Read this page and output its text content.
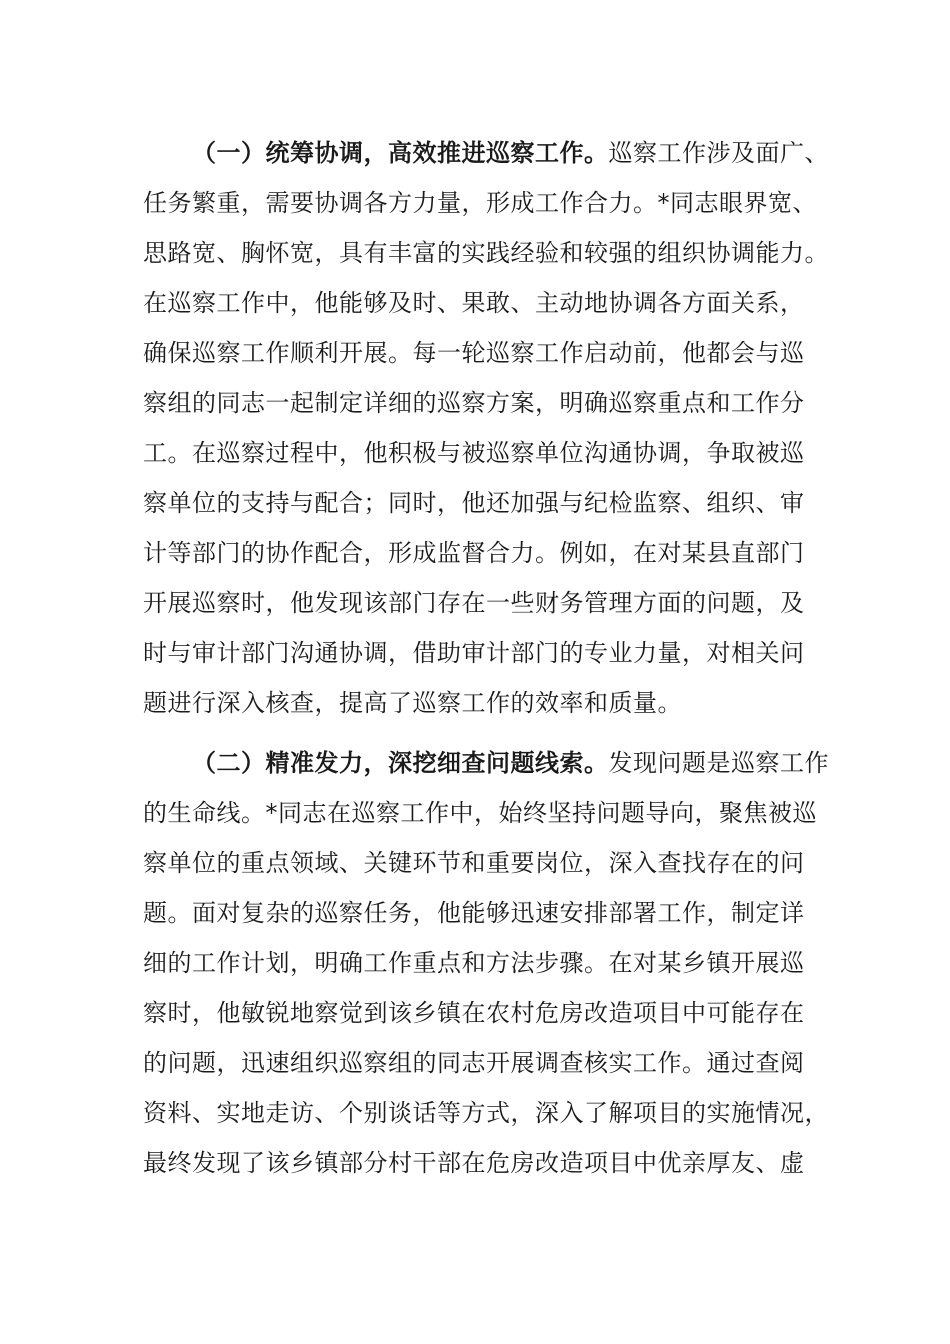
（一）统筹协调，高效推进巡察工作。巡察工作涉及面广、
任务繁重，需要协调各方力量，形成工作合力。*同志眼界宽、
思路宽、胸怀宽，具有丰富的实践经验和较强的组织协调能力。
在巡察工作中，他能够及时、果敢、主动地协调各方面关系，
确保巡察工作顺利开展。每一轮巡察工作启动前，他都会与巡
察组的同志一起制定详细的巡察方案，明确巡察重点和工作分
工。在巡察过程中，他积极与被巡察单位沟通协调，争取被巡
察单位的支持与配合；同时，他还加强与纪检监察、组织、审
计等部门的协作配合，形成监督合力。例如，在对某县直部门
开展巡察时，他发现该部门存在一些财务管理方面的问题，及
时与审计部门沟通协调，借助审计部门的专业力量，对相关问
题进行深入核查，提高了巡察工作的效率和质量。
（二）精准发力，深挖细查问题线索。发现问题是巡察工作
的生命线。*同志在巡察工作中，始终坚持问题导向，聚焦被巡
察单位的重点领域、关键环节和重要岗位，深入查找存在的问
题。面对复杂的巡察任务，他能够迅速安排部署工作，制定详
细的工作计划，明确工作重点和方法步骤。在对某乡镇开展巡
察时，他敏锐地察觉到该乡镇在农村危房改造项目中可能存在
的问题，迅速组织巡察组的同志开展调查核实工作。通过查阅
资料、实地走访、个别谈话等方式，深入了解项目的实施情况，
最终发现了该乡镇部分村干部在危房改造项目中优亲厚友、虚
